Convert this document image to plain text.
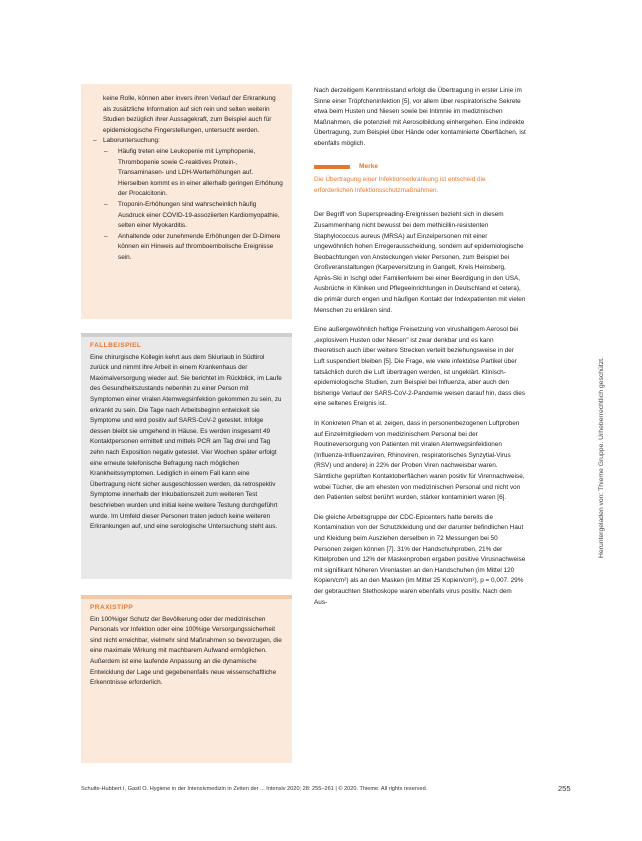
keine Rolle, können aber invers ihren Verlauf der Erkrankung als zusätzliche Information auf sich rein und selten weiterin Studien bezüglich ihrer Aussagekraft, zum Beispiel auch für epidemiologische Fingerstellungen, untersucht werden.
– Laboruntersuchung:
– Häufig treten eine Leukopenie mit Lymphopenie, Thrombopenie sowie C-reaktives Protein-, Transaminasen- und LDH-Werterhöhungen auf. Hierselben kommt es in einer allerhalb geringen Erhöhung der Procalcitonin.
– Troponin-Erhöhungen sind wahrscheinlich häufig Ausdruck einer COVID-19-assoziierten Kardiomyopathie, selten einer Myokarditis.
– Anhaltende oder zunehmende Erhöhungen der D-Dimere können ein Hinweis auf thromboembolische Ereignisse sein.
FALLBEISPIEL
Eine chirurgische Kollegin kehrt aus dem Skiurlaub in Südtirol zurück und nimmt ihre Arbeit in einem Krankenhaus der Maximalversorgung wieder auf. Sie berichtet im Rückblick, im Laufe des Gesundheitszustands nebenhin zu einer Person mit Symptomen einer viralen Atemwegsinfektion gekommen zu sein, zu erkrankt zu sein. Die Tage nach Arbeitsbeginn entwickelt sie Symptome und wird positiv auf SARS-CoV-2 getestet. Infolge dessen bleibt sie umgehend in Häuse. Es werden insgesamt 49 Kontaktpersonen ermittelt und mittels PCR am Tag drei und Tag zehn nach Exposition negativ getestet. Vier Wochen später erfolgt eine erneute telefonische Befragung nach möglichen Krankheitssymptomen. Lediglich in einem Fall kann eine Übertragung nicht sicher ausgeschlossen werden, da retrospektiv Symptome innerhalb der Inkubationszeit zum weiteren Test beschrieben wurden und initial keine weitere Testung durchgeführt wurde. Im Umfeld dieser Personen traten jedoch keine weiteren Erkrankungen auf, und eine serologische Untersuchung steht aus.
PRAXISTIPP
Ein 100%iger Schutz der Bevölkerung oder der medizinischen Personals vor Infektion oder eine 100%ige Versorgungssicherheit sind nicht erreichbar, vielmehr sind Maßnahmen so bevorzugen, die eine maximale Wirkung mit machbarem Aufwand ermöglichen. Außerdem ist eine laufende Anpassung an die dynamische Entwicklung der Lage und gegebenenfalls neue wissenschaftliche Erkenntnisse erforderlich.

Nach derzeitigem Kenntnisstand erfolgt die Übertragung in erster Linie im Sinne einer Tröpfcheninfektion [5], vor allem über respiratorische Sekrete etwa beim Husten und Niesen sowie bei Intimnie im medizinischen Maßnahmen, die potenziell mit Aerosolbildung einhergehen. Eine indirekte Übertragung, zum Beispiel über Hände oder kontaminierte Oberflächen, ist ebenfalls möglich.

Merke
Die Übertragung einer Infektionserkrankung ist entscheid die erforderlichen Infektionsschutzmaßnahmen.

Der Begriff von Superspreading-Ereignissen bezieht sich in diesem Zusammenhang nicht bewusst bei dem methicillin-resistenten Staphylococcus aureus (MRSA) auf Einzelpersonen mit einer ungewöhnlich hohen Erregerausscheidung, sondern auf epidemiologische Beobachtungen von Ansteckungen vieler Personen, zum Beispiel bei Großveranstaltungen (Karpeversitzung in Gangelt, Kreis Heinsberg, Après-Ski in Ischgl oder Familienfeiern bei einer Beerdigung in den USA, Ausbrüche in Kliniken und Pflegeeinrichtungen in Deutschland et cetera), die primär durch engen und häufigen Kontakt der Indexpatienten mit vielen Menschen zu erklären sind.

Eine außergewöhnlich heftige Freisetzung von virushaltigem Aerosol bei „explosivem Husten oder Niesen" ist zwar denkbar und es kann theoretisch auch über weitere Strecken verteilt beziehungsweise in der Luft suspendiert bleiben [5]. Die Frage, wie viele infektiöse Partikel über tatsächlich durch die Luft übertragen werden, ist ungeklärt. Klinisch-epidemiologische Studien, zum Beispiel bei Influenza, aber auch den bisherige Verlauf der SARS-CoV-2-Pandemie weisen darauf hin, dass dies eine seltenes Ereignis ist.

In Konkreten Phan et al. zeigen, dass in personenbezogenen Luftproben auf Einzelmitgliedern von medizinischem Personal bei der Routineversorgung von Patienten mit viralen Atemwegsinfektionen (Influenza-Influenzaviren, Rhinoviren, respiratorisches Synzytial-Virus (RSV) und andere) in 22% der Proben Viren nachweisbar waren. Sämtliche geprüften Kontaktoberflächen waren positiv für Virennachweise, wobei Tücher, die am ehesten von medizinischen Personal und nicht von den Patienten selbst berührt wurden, stärker kontaminiert waren [6].

Die gleiche Arbeitsgruppe der CDC-Epicenters hatte bereits die Kontamination von der Schutzkleidung und der darunter befindlichen Haut und Kleidung beim Ausziehen derselben in 72 Messungen bei 50 Personen zeigen können [7]. 31% der Handschuhproben, 21% der Kittelproben und 12% der Maskenproben ergaben positive Virusnachweise mit signifikant höheren Virenlasten an den Handschuhen (im Mittel 120 Kopien/cm²) als an den Masken (im Mittel 25 Kopien/cm²), p = 0,007. 29% der gebrauchten Stethoskope waren ebenfalls virus positiv. Nach dem Aus-

Heruntergeladen von: Thieme Gruppe. Urheberrechtlich geschützt.
Schulte-Hubbert I, Gastl O. Hygiene in der Intensivmedizin in Zeiten der ... Intensiv 2020; 28: 255–261 | © 2020. Thieme. All rights reserved.	255
